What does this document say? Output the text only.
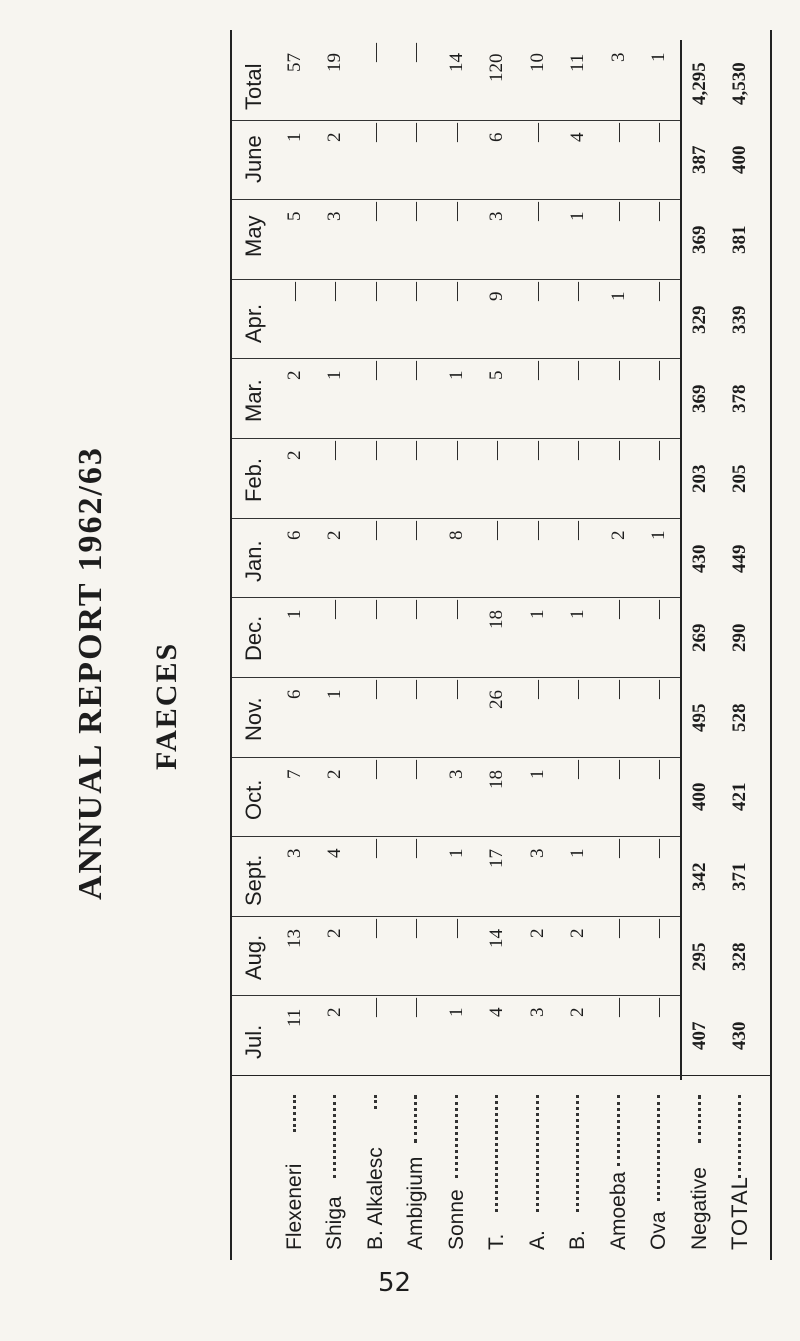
ANNUAL REPORT 1962/63 FAECES
Jul.
Aug.
Sept.
Oct.
Nov.
Dec.
Jan.
Feb.
Mar.
Apr.
May
June
Total
Flexeneri
11
13
3
7
6
1
6
2
2
—
5
1
57
Shiga
2
2
4
2
1
—
2
—
1
—
3
2
19
B. Alkalesc
—
—
—
—
—
—
—
—
—
—
—
—
—
Ambigium
—
—
—
—
—
—
—
—
—
—
—
—
—
Sonne
1
—
1
3
—
—
8
—
1
—
—
—
14
T.
4
14
17
18
26
18
—
—
5
9
3
6
120
A.
3
2
3
1
—
1
—
—
—
—
—
—
10
B.
2
2
1
—
—
1
—
—
—
—
1
4
11
Amoeba
—
—
—
—
—
—
2
—
—
1
—
—
3
Ova
—
—
—
—
—
—
1
—
—
—
—
—
1
Negative
407
295
342
400
495
269
430
203
369
329
369
387
4,295
TOTAL
430
328
371
421
528
290
449
205
378
339
381
400
4,530
52
